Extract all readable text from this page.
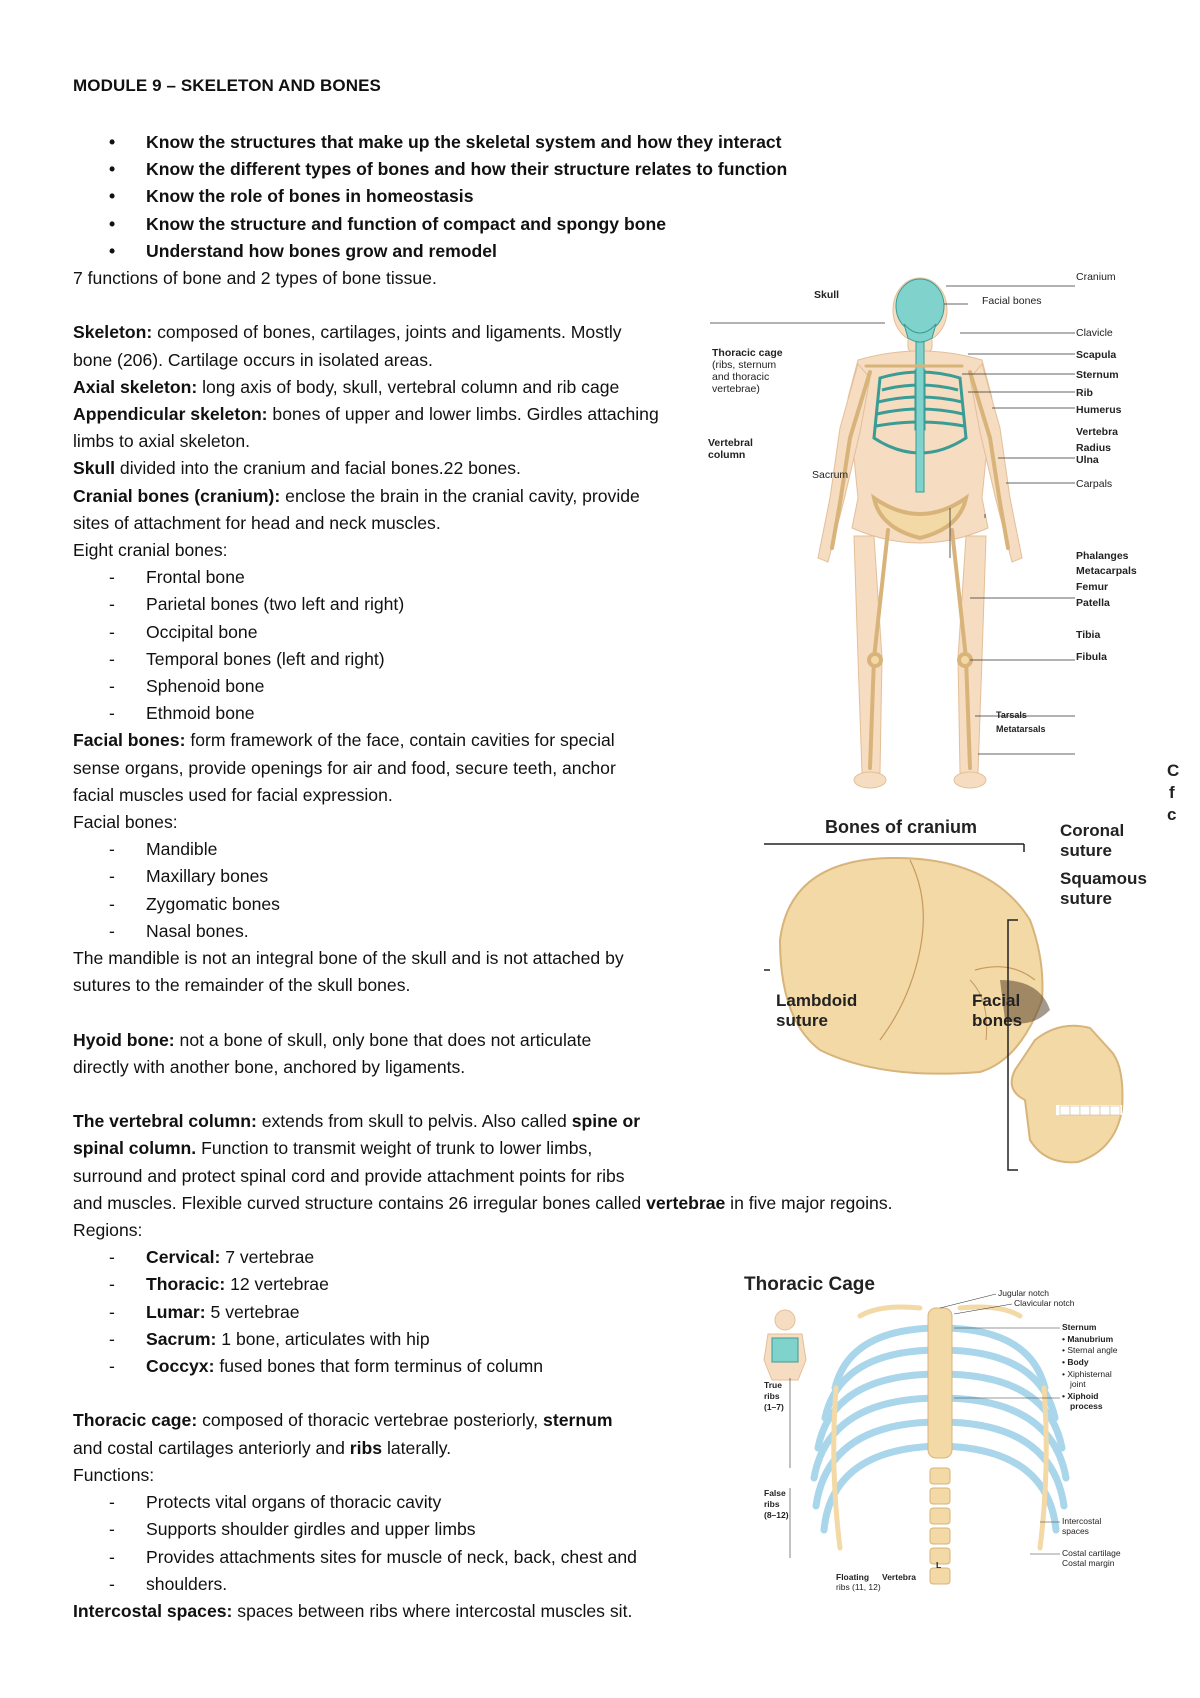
MODULE 9 – SKELETON AND BONES
• Know the structures that make up the skeletal system and how they interact
• Know the different types of bones and how their structure relates to function
• Know the role of bones in homeostasis
• Know the structure and function of compact and spongy bone
• Understand how bones grow and remodel
7 functions of bone and 2 types of bone tissue.
Skeleton: composed of bones, cartilages, joints and ligaments. Mostly
bone (206). Cartilage occurs in isolated areas.
Axial skeleton: long axis of body, skull, vertebral column and rib cage
Appendicular skeleton: bones of upper and lower limbs. Girdles attaching
limbs to axial skeleton.
Skull divided into the cranium and facial bones.22 bones.
Cranial bones (cranium): enclose the brain in the cranial cavity, provide
sites of attachment for head and neck muscles.
Eight cranial bones:
- Frontal bone
- Parietal bones (two left and right)
- Occipital bone
- Temporal bones (left and right)
- Sphenoid bone
- Ethmoid bone
Facial bones: form framework of the face, contain cavities for special
sense organs, provide openings for air and food, secure teeth, anchor
facial muscles used for facial expression.
Facial bones:
- Mandible
- Maxillary bones
- Zygomatic bones
- Nasal bones.
The mandible is not an integral bone of the skull and is not attached by
sutures to the remainder of the skull bones.
Hyoid bone: not a bone of skull, only bone that does not articulate
directly with another bone, anchored by ligaments.
The vertebral column: extends from skull to pelvis. Also called spine or
spinal column. Function to transmit weight of trunk to lower limbs,
surround and protect spinal cord and provide attachment points for ribs
and muscles. Flexible curved structure contains 26 irregular bones called vertebrae in five major regoins.
Regions:
- Cervical: 7 vertebrae
- Thoracic: 12 vertebrae
- Lumar: 5 vertebrae
- Sacrum: 1 bone, articulates with hip
- Coccyx: fused bones that form terminus of column
Thoracic cage: composed of thoracic vertebrae posteriorly, sternum
and costal cartilages anteriorly and ribs laterally.
Functions:
- Protects vital organs of thoracic cavity
- Supports shoulder girdles and upper limbs
- Provides attachments sites for muscle of neck, back, chest and
- shoulders.
Intercostal spaces: spaces between ribs where intercostal muscles sit.
Skull
Thoracic cage
(ribs, sternum
and thoracic
vertebrae)
Vertebral
column
Sacrum
Cranium
Facial bones
Clavicle
Scapula
Sternum
Rib
Humerus
Vertebra
Radius
Ulna
Carpals
Phalanges
Metacarpals
Femur
Patella
Tibia
Fibula
Tarsals
Metatarsals
Bones of cranium	Coronal
suture
Squamous
suture
Lambdoid
suture
Facial
bones
C
f
c
Thoracic Cage	Jugular notch
Clavicular notch
Sternum
• Manubrium
• Sternal angle
• Body
• Xiphisternal
joint
• Xiphoid
process
Intercostal
spaces
Costal cartilage
Costal margin
True
ribs
(1–7)
False
ribs
(8–12)
Floating
ribs (11, 12)
Vertebra
L
